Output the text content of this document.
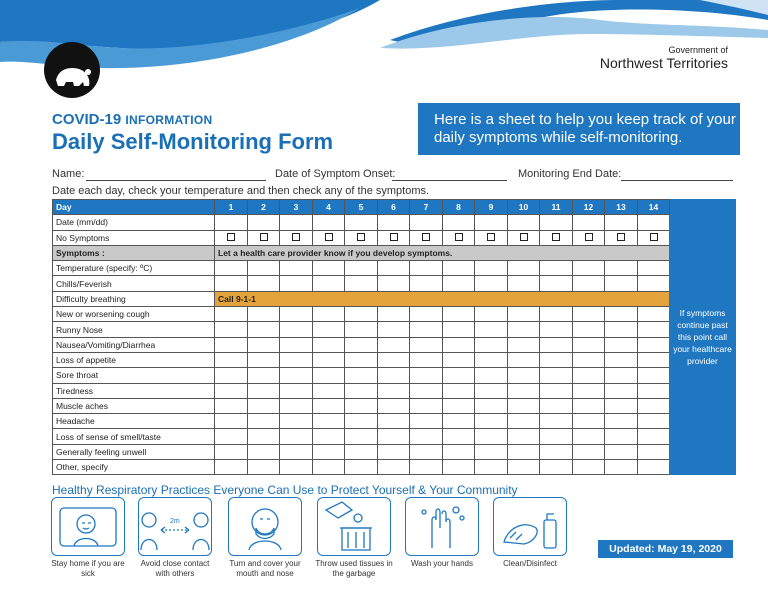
Government of
Northwest Territories
COVID-19 INFORMATION
Daily Self-Monitoring Form
Here is a sheet to help you keep track of your daily symptoms while self-monitoring.
Name:	Date of Symptom Onset:	Monitoring End Date:
Date each day, check your temperature and then check any of the symptoms.
Day	1	2	3	4	5	6	7	8	9	10	11	12	13	14	If symptoms continue past this point call your healthcare provider
Date (mm/dd)															
No Symptoms															
Symptoms :	Let a health care provider know if you develop symptoms.														
Temperature (specify: ºC)															
Chills/Feverish															
Difficulty breathing	Call 9-1-1														
New or worsening cough															
Runny Nose															
Nausea/Vomiting/Diarrhea															
Loss of appetite															
Sore throat															
Tiredness															
Muscle aches															
Headache															
Loss of sense of smell/taste															
Generally feeling unwell															
Other, specify															
Healthy Respiratory Practices Everyone Can Use to Protect Yourself & Your Community
Stay home if you are sick
2m
Avoid close contact with others
Turn and cover your mouth and nose
Throw used tissues in the garbage
Wash your hands	Clean/Disinfect
Updated: May 19, 2020
